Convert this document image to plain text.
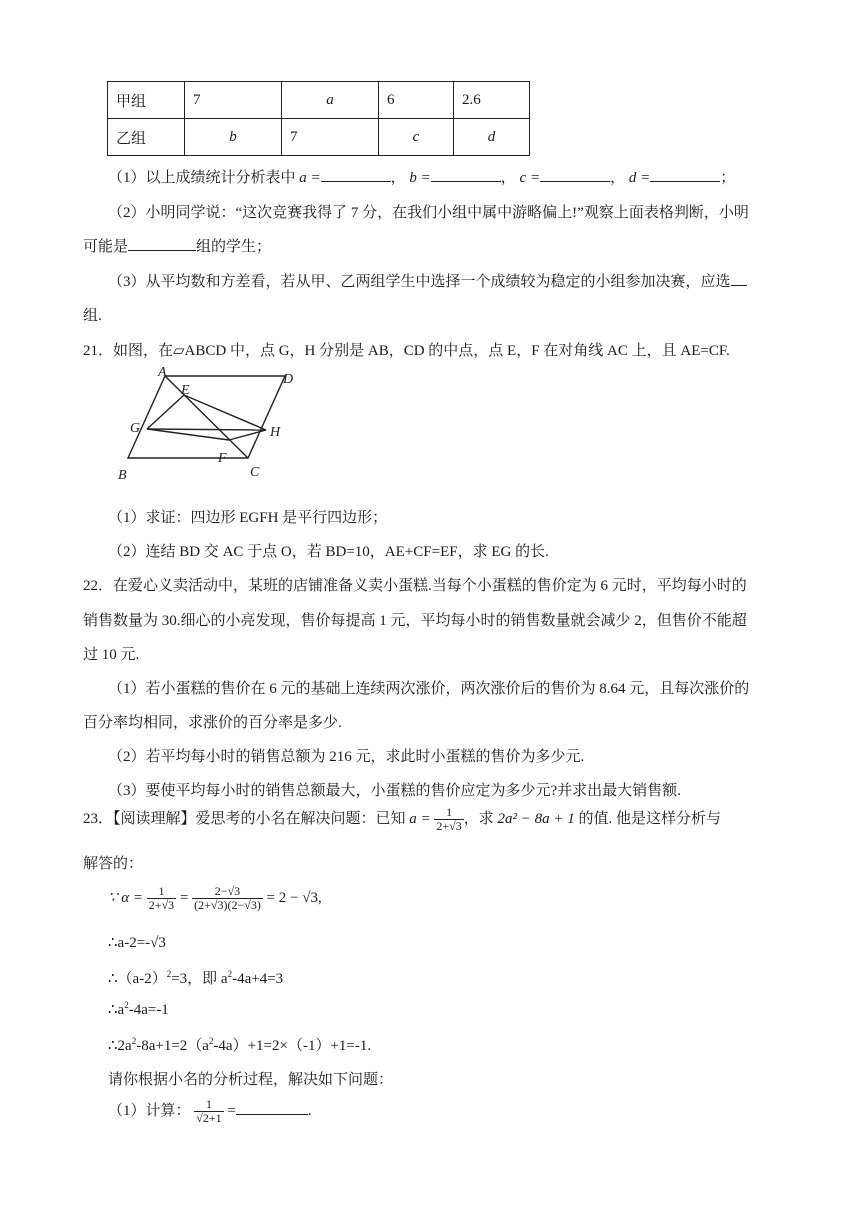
甲组	7	a	6	2.6
乙组	b	7	c	d
（1）以上成绩统计分析表中 a =	， b =	， c =	， d =	；
（2）小明同学说：“这次竞赛我得了 7 分，在我们小组中属中游略偏上!”观察上面表格判断，小明
可能是	组的学生；
（3）从平均数和方差看，若从甲、乙两组学生中选择一个成绩较为稳定的小组参加决赛，应选
组.
21．如图，在▱ABCD 中，点 G，H 分别是 AB，CD 的中点，点 E，F 在对角线 AC 上，且 AE=CF.
A	D
E
G	H
F
B	C
（1）求证：四边形 EGFH 是平行四边形；
（2）连结 BD 交 AC 于点 O，若 BD=10，AE+CF=EF，求 EG 的长.
22．在爱心义卖活动中，某班的店铺准备义卖小蛋糕.当每个小蛋糕的售价定为 6 元时，平均每小时的
销售数量为 30.细心的小亮发现，售价每提高 1 元，平均每小时的销售数量就会减少 2，但售价不能超
过 10 元.
（1）若小蛋糕的售价在 6 元的基础上连续两次涨价，两次涨价后的售价为 8.64 元，且每次涨价的
百分率均相同，求涨价的百分率是多少.
（2）若平均每小时的销售总额为 216 元，求此时小蛋糕的售价为多少元.
（3）要使平均每小时的销售总额最大，小蛋糕的售价应定为多少元?并求出最大销售额.
23．【阅读理解】爱思考的小名在解决问题：已知 $a = \frac{1}{2+√3}$ ，求 2a² − 8a + 1 的值. 他是这样分析与
解答的：
∵ $\alpha = \frac{1}{2+√3} = \frac{2-√3}{(2+√3)(2-√3)} = 2 - √3$,
∴a-2=-√3
$\therefore(a-2)^2=3$，即 $a^2-4a+4=3$
$\therefore a^2-4a=-1$
$\therefore 2a^2-8a+1=2(a^2-4a)+1=2\times(-1)+1=-1$.
请你根据小名的分析过程，解决如下问题：
（1）计算： $\frac{1}{√2+1}$ =	.
